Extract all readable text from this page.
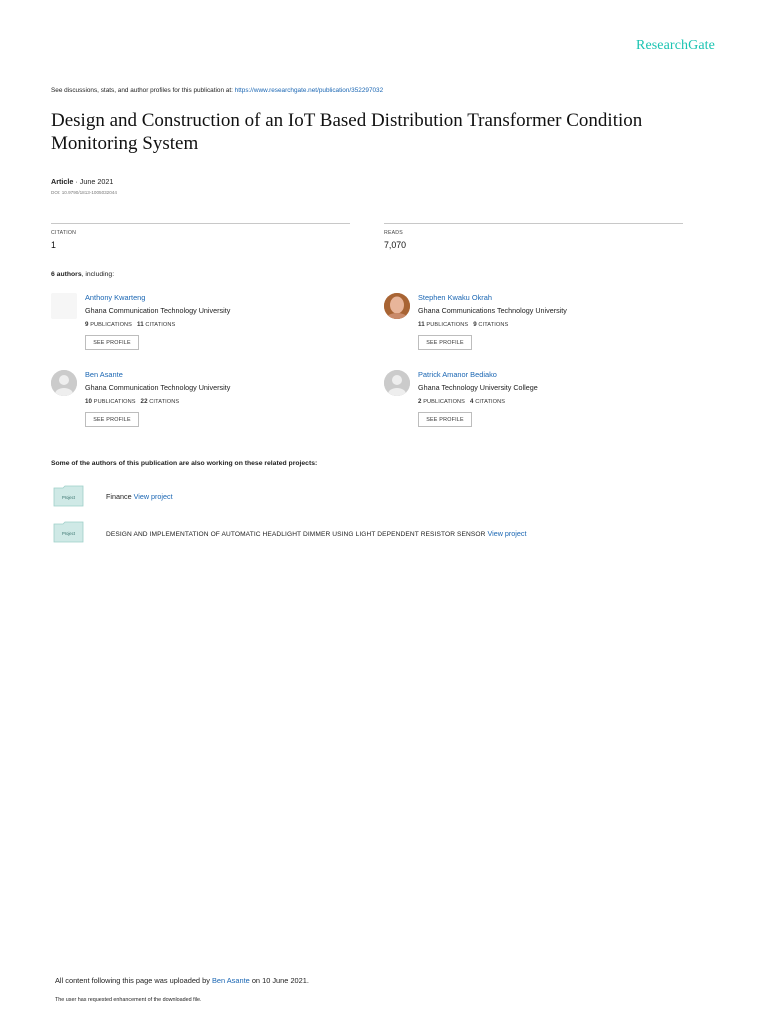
ResearchGate
See discussions, stats, and author profiles for this publication at: https://www.researchgate.net/publication/352297032
Design and Construction of an IoT Based Distribution Transformer Condition Monitoring System
Article · June 2021
DOI: 10.9790/1813-1005032044
CITATION
1
READS
7,070
6 authors, including:
Anthony Kwarteng
Ghana Communication Technology University
9 PUBLICATIONS 11 CITATIONS
SEE PROFILE
Stephen Kwaku Okrah
Ghana Communications Technology University
11 PUBLICATIONS 9 CITATIONS
SEE PROFILE
Ben Asante
Ghana Communication Technology University
10 PUBLICATIONS 22 CITATIONS
SEE PROFILE
Patrick Amanor Bediako
Ghana Technology University College
2 PUBLICATIONS 4 CITATIONS
SEE PROFILE
Some of the authors of this publication are also working on these related projects:
Project	Finance View project
Project	DESIGN AND IMPLEMENTATION OF AUTOMATIC HEADLIGHT DIMMER USING LIGHT DEPENDENT RESISTOR SENSOR View project
All content following this page was uploaded by Ben Asante on 10 June 2021.
The user has requested enhancement of the downloaded file.
